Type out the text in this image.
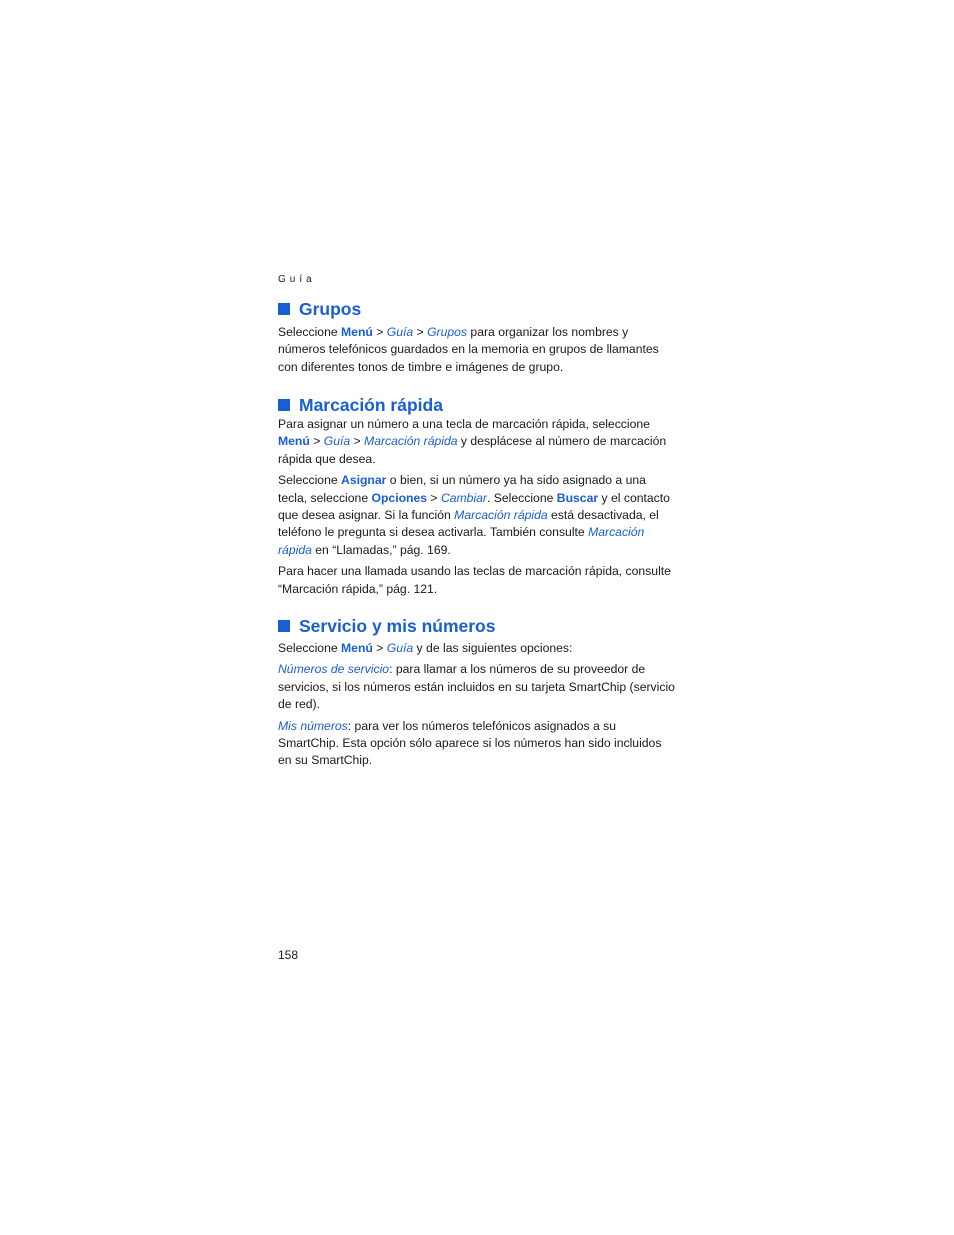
Guía
Grupos

Seleccione Menú > Guía > Grupos para organizar los nombres y números telefónicos guardados en la memoria en grupos de llamantes con diferentes tonos de timbre e imágenes de grupo.

Marcación rápida

Para asignar un número a una tecla de marcación rápida, seleccione Menú > Guía > Marcación rápida y desplácese al número de marcación rápida que desea.

Seleccione Asignar o bien, si un número ya ha sido asignado a una tecla, seleccione Opciones > Cambiar. Seleccione Buscar y el contacto que desea asignar. Si la función Marcación rápida está desactivada, el teléfono le pregunta si desea activarla. También consulte Marcación rápida en “Llamadas,” pág. 169.

Para hacer una llamada usando las teclas de marcación rápida, consulte “Marcación rápida,” pág. 121.

Servicio y mis números

Seleccione Menú > Guía y de las siguientes opciones:

Números de servicio: para llamar a los números de su proveedor de servicios, si los números están incluidos en su tarjeta SmartChip (servicio de red).

Mis números: para ver los números telefónicos asignados a su SmartChip. Esta opción sólo aparece si los números han sido incluidos en su SmartChip.

158
